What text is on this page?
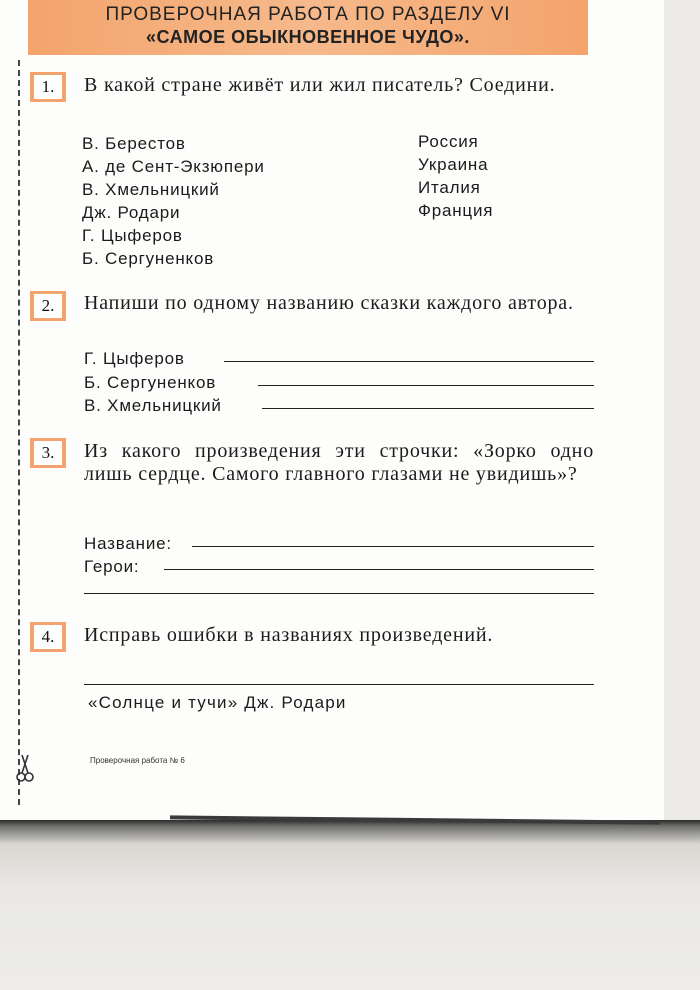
ПРОВЕРОЧНАЯ РАБОТА ПО РАЗДЕЛУ VI
«САМОЕ ОБЫКНОВЕННОЕ ЧУДО».
1.	В какой стране живёт или жил писатель? Соедини.
В. Берестов
А. де Сент-Экзюпери
В. Хмельницкий
Дж. Родари
Г. Цыферов
Б. Сергуненков
Россия
Украина
Италия
Франция
2.	Напиши по одному названию сказки каждого автора.
Г. Цыферов
Б. Сергуненков
В. Хмельницкий
3.	Из какого произведения эти строчки: «Зорко одно лишь сердце. Самого главного глазами не увидишь»?
Название:
Герои:
4.	Исправь ошибки в названиях произведений.
«Солнце и тучи» Дж. Родари
Проверочная работа № 6
